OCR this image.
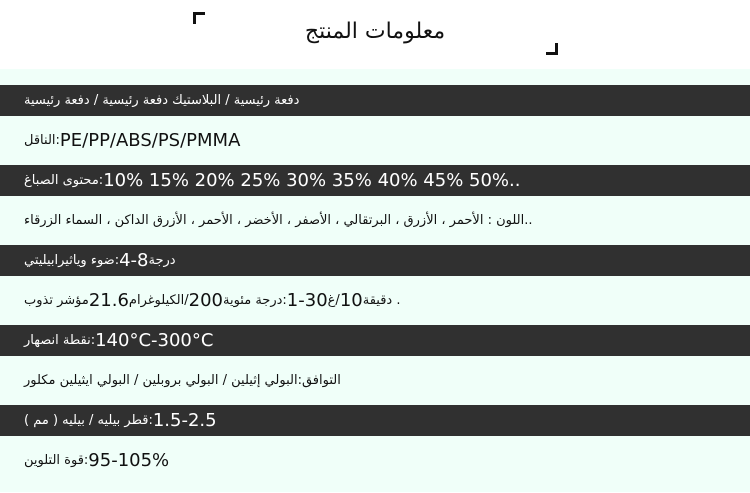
معلومات المنتج
دفعة رئيسية / البلاستيك دفعة رئيسية / دفعة رئيسية
الناقل: PE/PP/ABS/PS/PMMA
محتوى الصباغ: 10% 15% 20% 25% 30% 35% 40% 45% 50%..
اللون : الأحمر ، الأزرق ، البرتقالي ، الأصفر ، الأخضر ، الأحمر ، الأزرق الداكن ، السماء الزرقاء..
ضوء وياثيرابيليتي: 4-8 درجة
مؤشر تذوب 21.6 الكيلوغرام/ 200 درجة مئوية: 1-30 غ/ 10 دقيقة .
نقطة انصهار: 140°C-300°C
التوافق:البولي إثيلين / البولي بروبلين / البولي ايثيلين مكلور
قطر بيليه / بيليه ( مم ): 1.5-2.5
قوة التلوين: 95-105%
